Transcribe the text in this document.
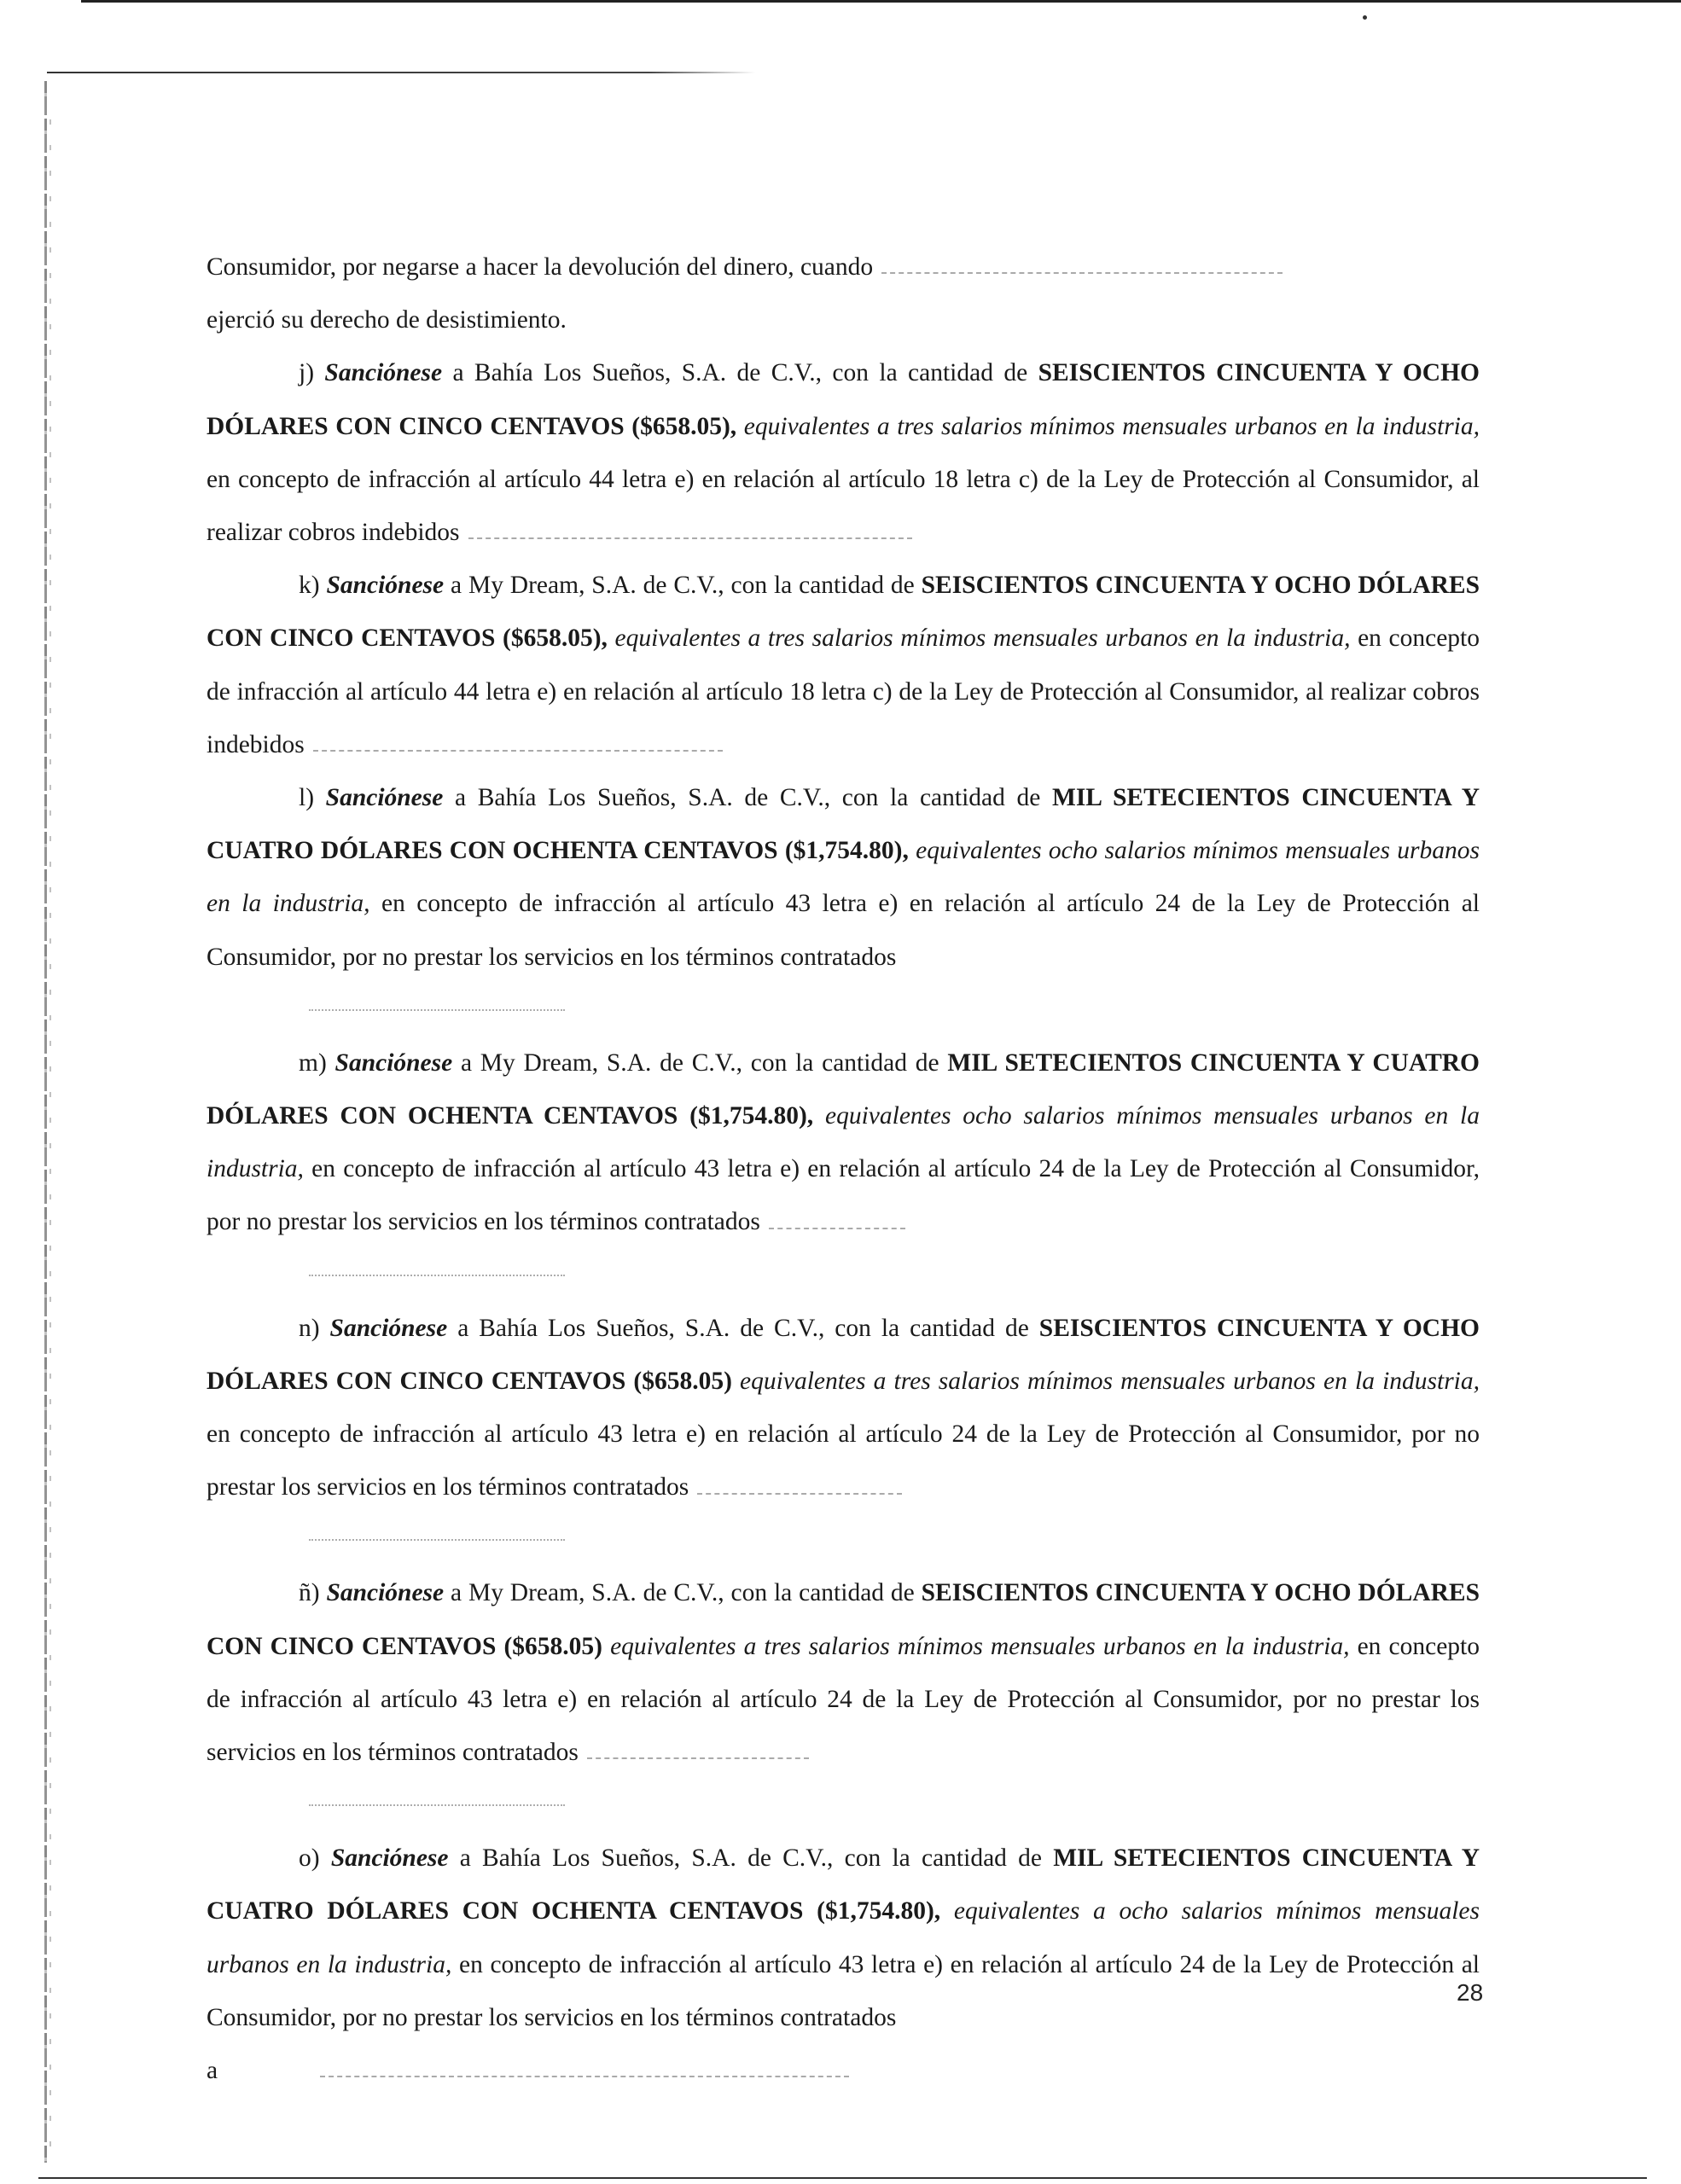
Consumidor, por negarse a hacer la devolución del dinero, cuando

ejerció su derecho de desistimiento.

j) Sanciónese a Bahía Los Sueños, S.A. de C.V., con la cantidad de SEISCIENTOS CINCUENTA Y OCHO DÓLARES CON CINCO CENTAVOS ($658.05), equivalentes a tres salarios mínimos mensuales urbanos en la industria, en concepto de infracción al artículo 44 letra e) en relación al artículo 18 letra c) de la Ley de Protección al Consumidor, al realizar cobros indebidos

k) Sanciónese a My Dream, S.A. de C.V., con la cantidad de SEISCIENTOS CINCUENTA Y OCHO DÓLARES CON CINCO CENTAVOS ($658.05), equivalentes a tres salarios mínimos mensuales urbanos en la industria, en concepto de infracción al artículo 44 letra e) en relación al artículo 18 letra c) de la Ley de Protección al Consumidor, al realizar cobros indebidos

l) Sanciónese a Bahía Los Sueños, S.A. de C.V., con la cantidad de MIL SETECIENTOS CINCUENTA Y CUATRO DÓLARES CON OCHENTA CENTAVOS ($1,754.80), equivalentes ocho salarios mínimos mensuales urbanos en la industria, en concepto de infracción al artículo 43 letra e) en relación al artículo 24 de la Ley de Protección al Consumidor, por no prestar los servicios en los términos contratados

m) Sanciónese a My Dream, S.A. de C.V., con la cantidad de MIL SETECIENTOS CINCUENTA Y CUATRO DÓLARES CON OCHENTA CENTAVOS ($1,754.80), equivalentes ocho salarios mínimos mensuales urbanos en la industria, en concepto de infracción al artículo 43 letra e) en relación al artículo 24 de la Ley de Protección al Consumidor, por no prestar los servicios en los términos contratados

n) Sanciónese a Bahía Los Sueños, S.A. de C.V., con la cantidad de SEISCIENTOS CINCUENTA Y OCHO DÓLARES CON CINCO CENTAVOS ($658.05) equivalentes a tres salarios mínimos mensuales urbanos en la industria, en concepto de infracción al artículo 43 letra e) en relación al artículo 24 de la Ley de Protección al Consumidor, por no prestar los servicios en los términos contratados

ñ) Sanciónese a My Dream, S.A. de C.V., con la cantidad de SEISCIENTOS CINCUENTA Y OCHO DÓLARES CON CINCO CENTAVOS ($658.05) equivalentes a tres salarios mínimos mensuales urbanos en la industria, en concepto de infracción al artículo 43 letra e) en relación al artículo 24 de la Ley de Protección al Consumidor, por no prestar los servicios en los términos contratados

o) Sanciónese a Bahía Los Sueños, S.A. de C.V., con la cantidad de MIL SETECIENTOS CINCUENTA Y CUATRO DÓLARES CON OCHENTA CENTAVOS ($1,754.80), equivalentes a ocho salarios mínimos mensuales urbanos en la industria, en concepto de infracción al artículo 43 letra e) en relación al artículo 24 de la Ley de Protección al Consumidor, por no prestar los servicios en los términos contratados

a

28
